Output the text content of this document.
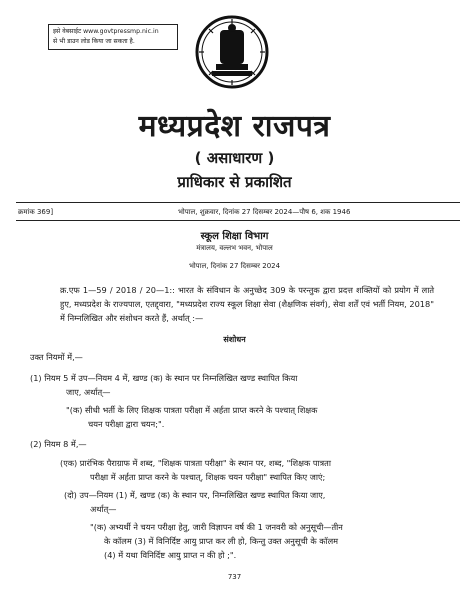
इसे वेबसाईट www.govtpressmp.nic.in
से भी डाउन लोड किया जा सकता है.
मध्यप्रदेश राजपत्र
( असाधारण )
प्राधिकार से प्रकाशित
क्रमांक 369]	भोपाल, शुक्रवार, दिनांक 27 दिसम्बर 2024—पौष 6, शक 1946
स्कूल शिक्षा विभाग
मंत्रालय, वल्लभ भवन, भोपाल
भोपाल, दिनांक 27 दिसम्बर 2024
क्र.एफ 1—59 / 2018 / 20—1:: भारत के संविधान के अनुच्छेद 309 के परन्तुक द्वारा प्रदत्त शक्तियों को प्रयोग में लाते हुए, मध्यप्रदेश के राज्यपाल, एतद्द्वारा, "मध्यप्रदेश राज्य स्कूल शिक्षा सेवा (शैक्षणिक संवर्ग), सेवा शर्तें एवं भर्ती नियम, 2018" में निम्नलिखित और संशोधन करते हैं, अर्थात् :—
संशोधन
उक्त नियमों में,—
(1) नियम 5 में उप—नियम 4 में, खण्ड (क) के स्थान पर निम्नलिखित खण्ड स्थापित किया
जाए, अर्थात्—
"(क) सीधी भर्ती के लिए शिक्षक पात्रता परीक्षा में अर्हता प्राप्त करने के पश्चात् शिक्षक
चयन परीक्षा द्वारा चयन;".
(2) नियम 8 में,—
(एक) प्रारंभिक पैराग्राफ में शब्द, "शिक्षक पात्रता परीक्षा" के स्थान पर, शब्द, "शिक्षक पात्रता
परीक्षा में अर्हता प्राप्त करने के पश्चात्, शिक्षक चयन परीक्षा" स्थापित किए जाएं;
(दो) उप—नियम (1) में, खण्ड (क) के स्थान पर, निम्नलिखित खण्ड स्थापित किया जाए,
अर्थात्—
"(क) अभ्यर्थी ने चयन परीक्षा हेतु, जारी विज्ञापन वर्ष की 1 जनवरी को अनुसूची—तीन
के कॉलम (3) में विनिर्दिष्ट आयु प्राप्त कर ली हो, किन्तु उक्त अनुसूची के कॉलम
(4) में यथा विनिर्दिष्ट आयु प्राप्त न की हो ;".
737
